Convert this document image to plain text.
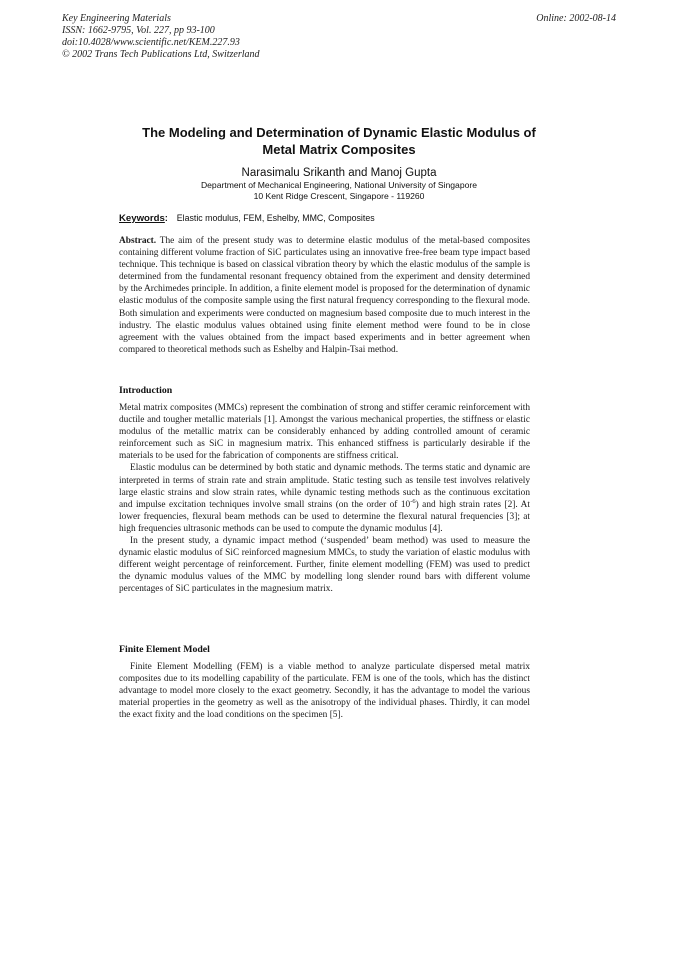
Key Engineering Materials
ISSN: 1662-9795, Vol. 227, pp 93-100
doi:10.4028/www.scientific.net/KEM.227.93
© 2002 Trans Tech Publications Ltd, Switzerland
Online: 2002-08-14
The Modeling and Determination of Dynamic Elastic Modulus of
Metal Matrix Composites
Narasimalu Srikanth and Manoj Gupta
Department of Mechanical Engineering, National University of Singapore
10 Kent Ridge Crescent, Singapore - 119260
Keywords: Elastic modulus, FEM, Eshelby, MMC, Composites

Abstract. The aim of the present study was to determine elastic modulus of the metal-based composites containing different volume fraction of SiC particulates using an innovative free-free beam type impact based technique. This technique is based on classical vibration theory by which the elastic modulus of the sample is determined from the fundamental resonant frequency obtained from the experiment and density determined by the Archimedes principle. In addition, a finite element model is proposed for the determination of dynamic elastic modulus of the composite sample using the first natural frequency corresponding to the flexural mode. Both simulation and experiments were conducted on magnesium based composite due to much interest in the industry. The elastic modulus values obtained using finite element method were found to be in close agreement with the values obtained from the impact based experiments and in better agreement when compared to theoretical methods such as Eshelby and Halpin-Tsai method.

Introduction

Metal matrix composites (MMCs) represent the combination of strong and stiffer ceramic reinforcement with ductile and tougher metallic materials [1]. Amongst the various mechanical properties, the stiffness or elastic modulus of the metallic matrix can be considerably enhanced by adding controlled amount of ceramic reinforcement such as SiC in magnesium matrix. This enhanced stiffness is particularly desirable if the materials to be used for the fabrication of components are stiffness critical.

Elastic modulus can be determined by both static and dynamic methods. The terms static and dynamic are interpreted in terms of strain rate and strain amplitude. Static testing such as tensile test involves relatively large elastic strains and slow strain rates, while dynamic testing methods such as the continuous excitation and impulse excitation techniques involve small strains (on the order of $10^{-6}$) and high strain rates [2]. At lower frequencies, flexural beam methods can be used to determine the flexural natural frequencies [3]; at high frequencies ultrasonic methods can be used to compute the dynamic modulus [4].

In the present study, a dynamic impact method (‘suspended’ beam method) was used to measure the dynamic elastic modulus of SiC reinforced magnesium MMCs, to study the variation of elastic modulus with different weight percentage of reinforcement. Further, finite element modelling (FEM) was used to predict the dynamic modulus values of the MMC by modelling long slender round bars with different volume percentages of SiC particulates in the magnesium matrix.

Finite Element Model

Finite Element Modelling (FEM) is a viable method to analyze particulate dispersed metal matrix composites due to its modelling capability of the particulate. FEM is one of the tools, which has the distinct advantage to model more closely to the exact geometry. Secondly, it has the advantage to model the various material properties in the geometry as well as the anisotropy of the individual phases. Thirdly, it can model the exact fixity and the load conditions on the specimen [5].
